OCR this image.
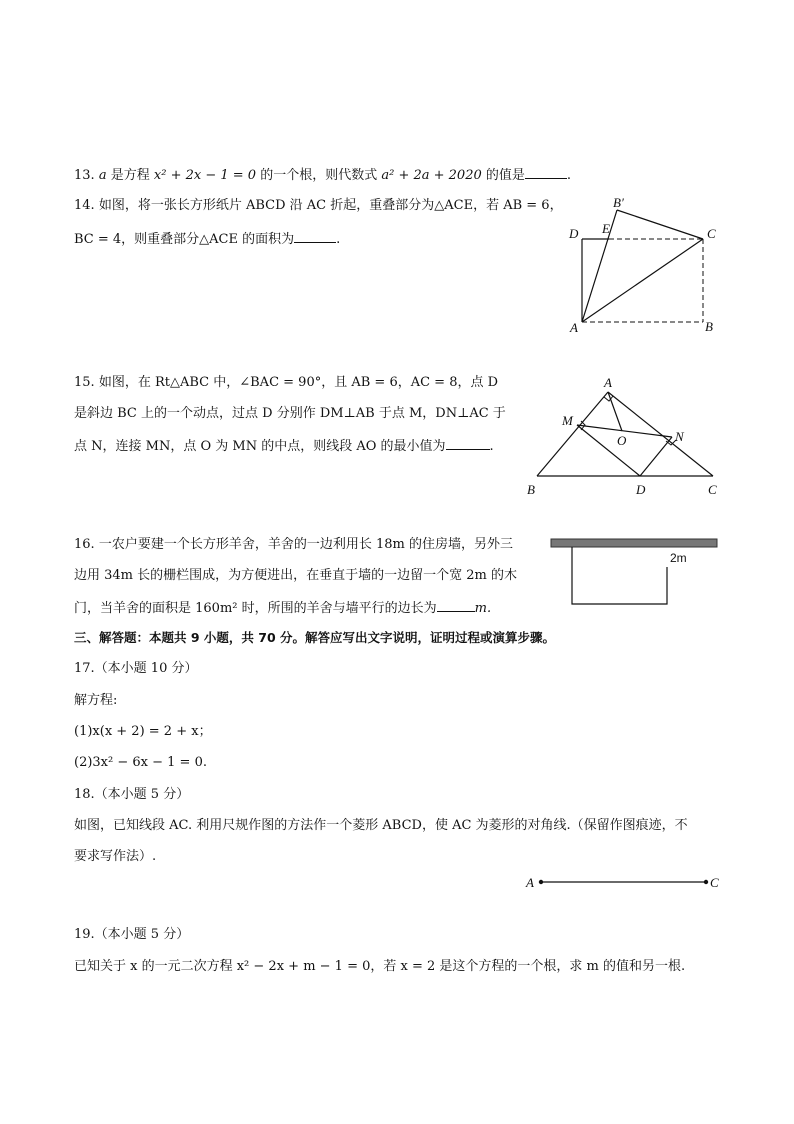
13. a 是方程 x² + 2x − 1 = 0 的一个根，则代数式 a² + 2a + 2020 的值是	.
14. 如图，将一张长方形纸片 ABCD 沿 AC 折起，重叠部分为△ACE，若 AB = 6，
BC = 4，则重叠部分△ACE 的面积为	.
B′
D E	C
A	B
15. 如图，在 Rt△ABC 中，∠BAC = 90°，且 AB = 6，AC = 8，点 D
是斜边 BC 上的一个动点，过点 D 分别作 DM⊥AB 于点 M，DN⊥AC 于
点 N，连接 MN，点 O 为 MN 的中点，则线段 AO 的最小值为	.
A
M
O	N
B	D	C
16. 一农户要建一个长方形羊舍，羊舍的一边利用长 18m 的住房墙，另外三
边用 34m 长的栅栏围成，为方便进出，在垂直于墙的一边留一个宽 2m 的木
门，当羊舍的面积是 160m² 时，所围的羊舍与墙平行的边长为	m.
2m
三、解答题：本题共 9 小题，共 70 分。解答应写出文字说明，证明过程或演算步骤。
17.（本小题 10 分）
解方程:
(1)x(x + 2) = 2 + x；
(2)3x² − 6x − 1 = 0.
18.（本小题 5 分）
如图，已知线段 AC. 利用尺规作图的方法作一个菱形 ABCD，使 AC 为菱形的对角线.（保留作图痕迹，不
要求写作法）.
A	C
19.（本小题 5 分）
已知关于 x 的一元二次方程 x² − 2x + m − 1 = 0，若 x = 2 是这个方程的一个根，求 m 的值和另一根.
